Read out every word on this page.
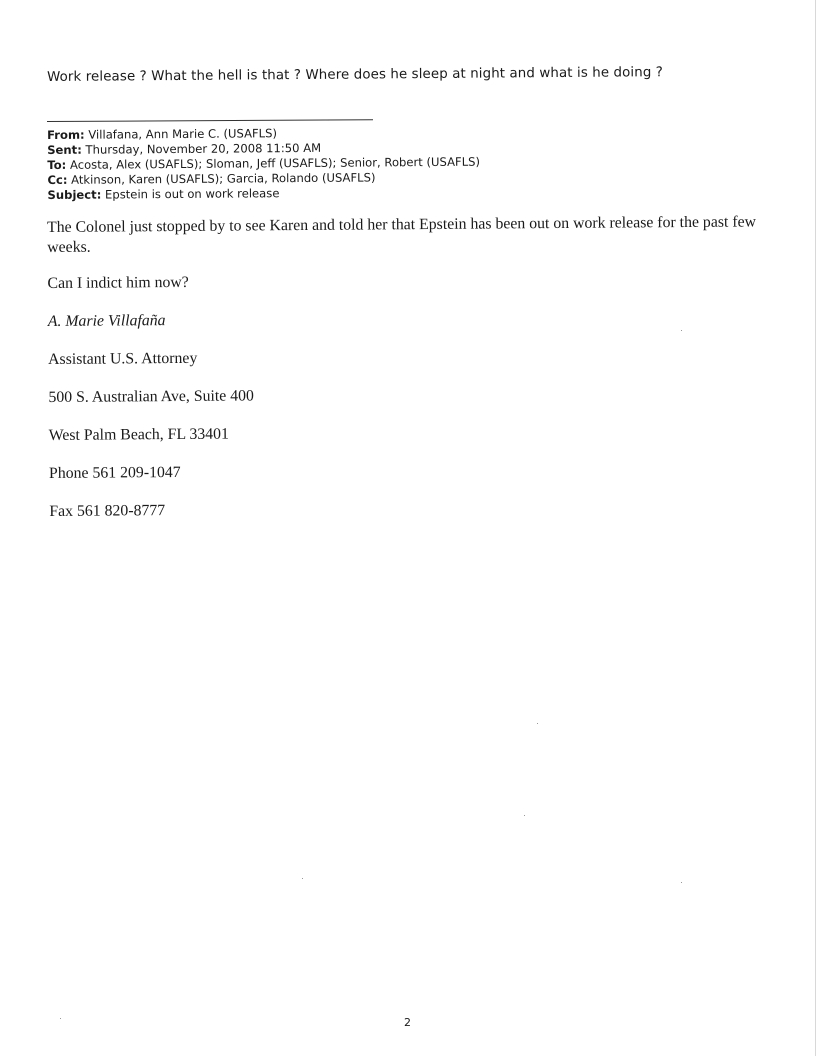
Work release ? What the hell is that ? Where does he sleep at night and what is he doing ?
From: Villafana, Ann Marie C. (USAFLS)
Sent: Thursday, November 20, 2008 11:50 AM
To: Acosta, Alex (USAFLS); Sloman, Jeff (USAFLS); Senior, Robert (USAFLS)
Cc: Atkinson, Karen (USAFLS); Garcia, Rolando (USAFLS)
Subject: Epstein is out on work release

The Colonel just stopped by to see Karen and told her that Epstein has been out on work release for the past few weeks.

Can I indict him now?

A. Marie Villafaña

Assistant U.S. Attorney

500 S. Australian Ave, Suite 400

West Palm Beach, FL 33401

Phone 561 209-1047

Fax 561 820-8777

2
